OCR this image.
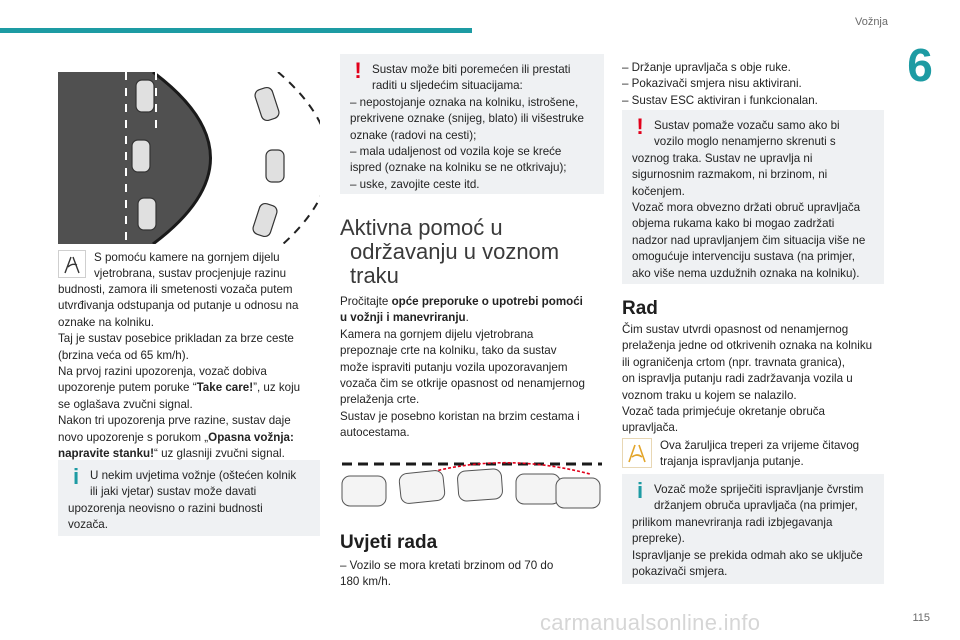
Vožnja
6
S pomoću kamere na gornjem dijelu
vjetrobrana, sustav procjenjuje razinu
budnosti, zamora ili smetenosti vozača putem
utvrđivanja odstupanja od putanje u odnosu na
oznake na kolniku.
Taj je sustav posebice prikladan za brze ceste
(brzina veća od 65 km/h).
Na prvoj razini upozorenja, vozač dobiva
upozorenje putem poruke “Take care!”, uz koju
se oglašava zvučni signal.
Nakon tri upozorenja prve razine, sustav daje
novo upozorenje s porukom „Opasna vožnja:
napravite stanku!“ uz glasniji zvučni signal.
i U nekim uvjetima vožnje (oštećen kolnik
ili jaki vjetar) sustav može davati
upozorenja neovisno o razini budnosti
vozača.
! Sustav može biti poremećen ili prestati
raditi u sljedećim situacijama:
– nepostojanje oznaka na kolniku, istrošene,
prekrivene oznake (snijeg, blato) ili višestruke
oznake (radovi na cesti);
– mala udaljenost od vozila koje se kreće
ispred (oznake na kolniku se ne otkrivaju);
– uske, zavojite ceste itd.
Aktivna pomoć u
održavanju u voznom
traku
Pročitajte opće preporuke o upotrebi pomoći
u vožnji i manevriranju.
Kamera na gornjem dijelu vjetrobrana
prepoznaje crte na kolniku, tako da sustav
može ispraviti putanju vozila upozoravanjem
vozača čim se otkrije opasnost od nenamjernog
prelaženja crte.
Sustav je posebno koristan na brzim cestama i
autocestama.
Uvjeti rada
– Vozilo se mora kretati brzinom od 70 do
180 km/h.
– Držanje upravljača s obje ruke.
– Pokazivači smjera nisu aktivirani.
– Sustav ESC aktiviran i funkcionalan.
! Sustav pomaže vozaču samo ako bi
vozilo moglo nenamjerno skrenuti s
voznog traka. Sustav ne upravlja ni
sigurnosnim razmakom, ni brzinom, ni
kočenjem.
Vozač mora obvezno držati obruč upravljača
objema rukama kako bi mogao zadržati
nadzor nad upravljanjem čim situacija više ne
omogućuje intervenciju sustava (na primjer,
ako više nema uzdužnih oznaka na kolniku).
Rad
Čim sustav utvrdi opasnost od nenamjernog
prelaženja jedne od otkrivenih oznaka na kolniku
ili ograničenja crtom (npr. travnata granica),
on ispravlja putanju radi zadržavanja vozila u
voznom traku u kojem se nalazilo.
Vozač tada primjećuje okretanje obruča
upravljača.
Ova žaruljica treperi za vrijeme čitavog
trajanja ispravljanja putanje.
i Vozač može spriječiti ispravljanje čvrstim
držanjem obruča upravljača (na primjer,
prilikom manevriranja radi izbjegavanja
prepreke).
Ispravljanje se prekida odmah ako se uključe
pokazivači smjera.
carmanualsonline.info	115
